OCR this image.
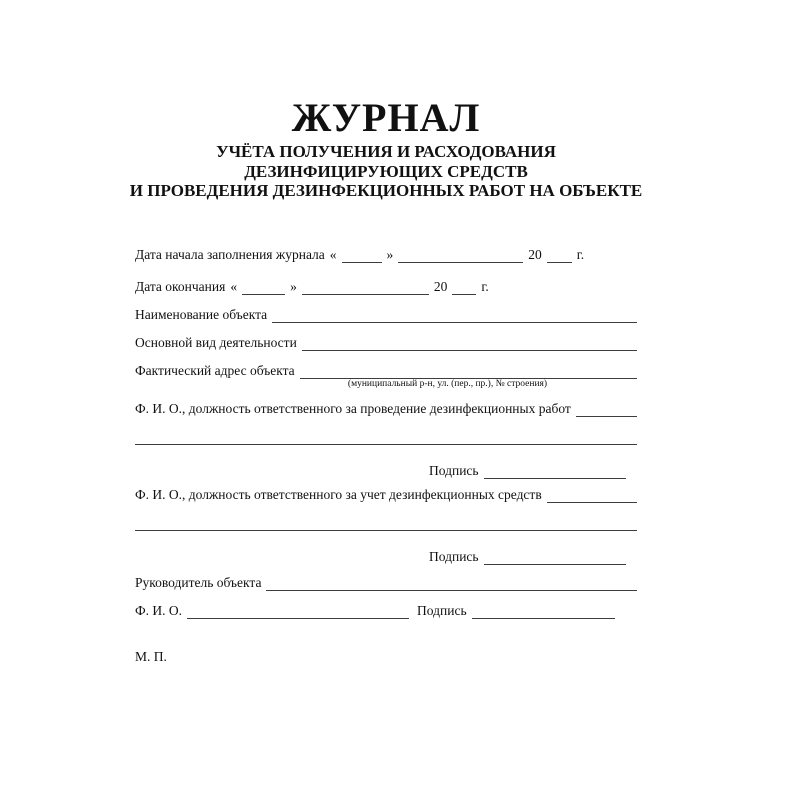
ЖУРНАЛ
УЧЁТА ПОЛУЧЕНИЯ И РАСХОДОВАНИЯ
ДЕЗИНФИЦИРУЮЩИХ СРЕДСТВ
И ПРОВЕДЕНИЯ ДЕЗИНФЕКЦИОННЫХ РАБОТ НА ОБЪЕКТЕ
Дата начала заполнения журнала «	»	20	г.
Дата окончания «	»	20	г.
Наименование объекта
Основной вид деятельности
Фактический адрес объекта
(муниципальный р-н, ул. (пер., пр.), № строения)
Ф. И. О., должность ответственного за проведение дезинфекционных работ
Подпись
Ф. И. О., должность ответственного за учет дезинфекционных средств
Подпись
Руководитель объекта
Ф. И. О.	Подпись
М. П.
